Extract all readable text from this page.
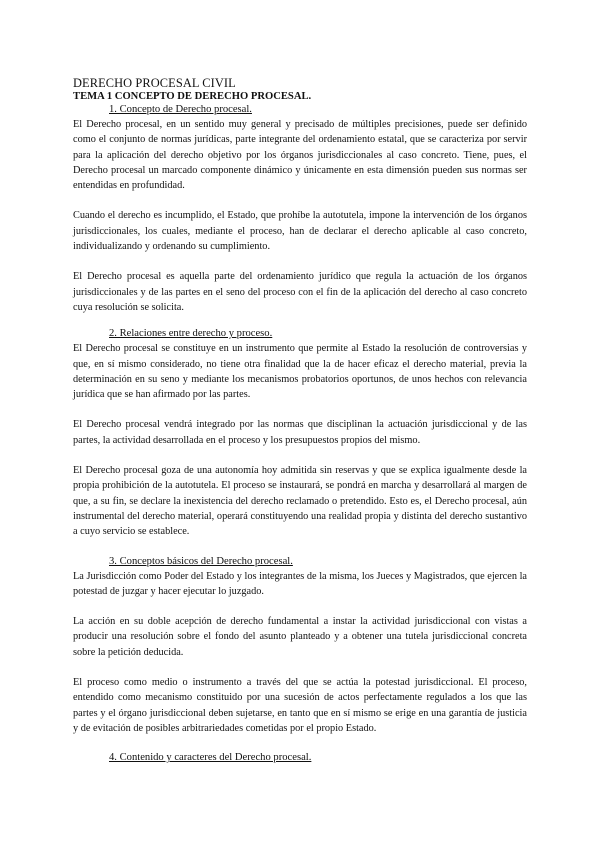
DERECHO PROCESAL CIVIL
TEMA 1 CONCEPTO DE DERECHO PROCESAL.
1. Concepto de Derecho procesal.

El Derecho procesal, en un sentido muy general y precisado de múltiples precisiones, puede ser definido como el conjunto de normas jurídicas, parte integrante del ordenamiento estatal, que se caracteriza por servir para la aplicación del derecho objetivo por los órganos jurisdiccionales al caso concreto. Tiene, pues, el Derecho procesal un marcado componente dinámico y únicamente en esta dimensión pueden sus normas ser entendidas en profundidad.

Cuando el derecho es incumplido, el Estado, que prohíbe la autotutela, impone la intervención de los órganos jurisdiccionales, los cuales, mediante el proceso, han de declarar el derecho aplicable al caso concreto, individualizando y ordenando su cumplimiento.

El Derecho procesal es aquella parte del ordenamiento jurídico que regula la actuación de los órganos jurisdiccionales y de las partes en el seno del proceso con el fin de la aplicación del derecho al caso concreto cuya resolución se solicita.

2. Relaciones entre derecho y proceso.

El Derecho procesal se constituye en un instrumento que permite al Estado la resolución de controversias y que, en sí mismo considerado, no tiene otra finalidad que la de hacer eficaz el derecho material, previa la determinación en su seno y mediante los mecanismos probatorios oportunos, de unos hechos con relevancia jurídica que se han afirmado por las partes.

El Derecho procesal vendrá integrado por las normas que disciplinan la actuación jurisdiccional y de las partes, la actividad desarrollada en el proceso y los presupuestos propios del mismo.

El Derecho procesal goza de una autonomía hoy admitida sin reservas y que se explica igualmente desde la propia prohibición de la autotutela. El proceso se instaurará, se pondrá en marcha y desarrollará al margen de que, a su fin, se declare la inexistencia del derecho reclamado o pretendido. Esto es, el Derecho procesal, aún instrumental del derecho material, operará constituyendo una realidad propia y distinta del derecho sustantivo a cuyo servicio se establece.

3. Conceptos básicos del Derecho procesal.

La Jurisdicción como Poder del Estado y los integrantes de la misma, los Jueces y Magistrados, que ejercen la potestad de juzgar y hacer ejecutar lo juzgado.

La acción en su doble acepción de derecho fundamental a instar la actividad jurisdiccional con vistas a producir una resolución sobre el fondo del asunto planteado y a obtener una tutela jurisdiccional concreta sobre la petición deducida.

El proceso como medio o instrumento a través del que se actúa la potestad jurisdiccional. El proceso, entendido como mecanismo constituido por una sucesión de actos perfectamente regulados a los que las partes y el órgano jurisdiccional deben sujetarse, en tanto que en sí mismo se erige en una garantía de justicia y de evitación de posibles arbitrariedades cometidas por el propio Estado.

4. Contenido y caracteres del Derecho procesal.
